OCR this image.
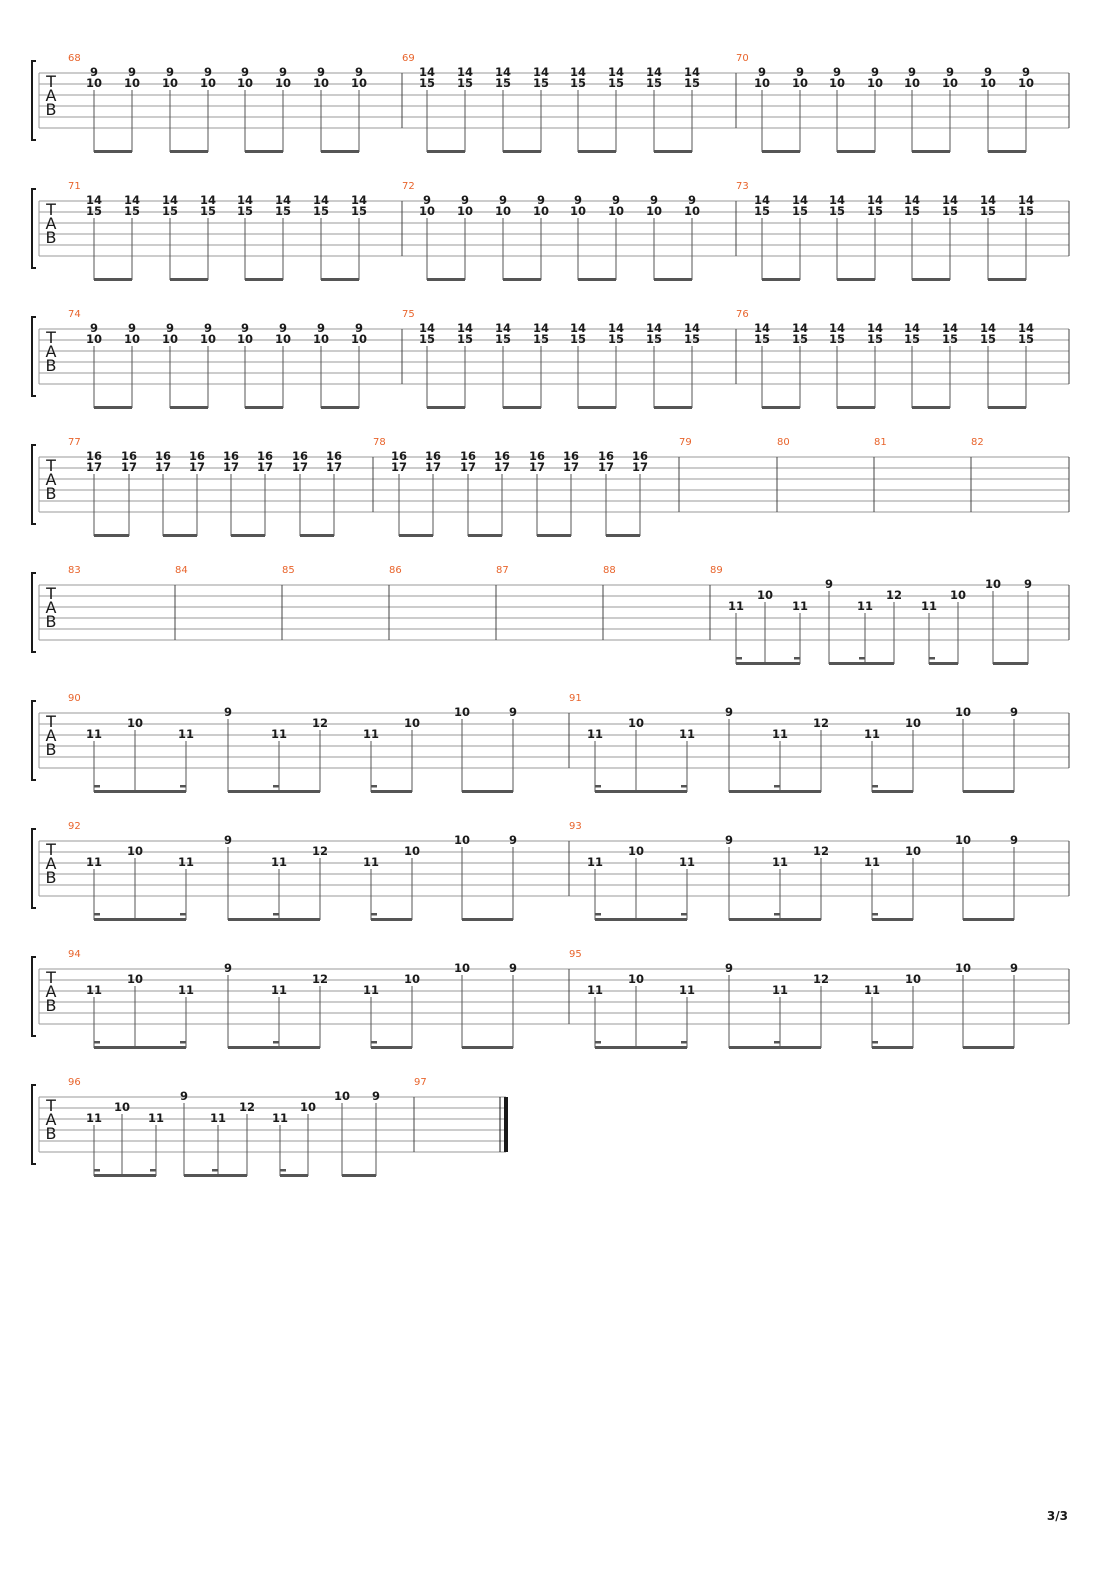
T
A
B
68
9
10
9
10
9
10
9
10
9
10
9
10
9
10
9
10
69
14
15
14
15
14
15
14
15
14
15
14
15
14
15
14
15
70
9
10
9
10
9
10
9
10
9
10
9
10
9
10
9
10
T
A
B
71
14
15
14
15
14
15
14
15
14
15
14
15
14
15
14
15
72
9
10
9
10
9
10
9
10
9
10
9
10
9
10
9
10
73
14
15
14
15
14
15
14
15
14
15
14
15
14
15
14
15
T
A
B
74
9
10
9
10
9
10
9
10
9
10
9
10
9
10
9
10
75
14
15
14
15
14
15
14
15
14
15
14
15
14
15
14
15
76
14
15
14
15
14
15
14
15
14
15
14
15
14
15
14
15
T
A
B
77
16
17
16
17
16
17
16
17
16
17
16
17
16
17
16
17
78
16
17
16
17
16
17
16
17
16
17
16
17
16
17
16
17
79	80	81	82
T
A
B
83	84	85	86	87	88	89
11
10
11
9
11
12
11
10
10 9
T
A
B
90
11
10
11
9
11
12
11
10
10	9
91
11
10
11
9
11
12
11
10
10	9
T
A
B
92
11
10
11
9
11
12
11
10
10	9
93
11
10
11
9
11
12
11
10
10	9
T
A
B
94
11
10
11
9
11
12
11
10
10	9
95
11
10
11
9
11
12
11
10
10	9
T
A
B
96
11
10
11
9
11
12
11
10
10 9
97
3/3
